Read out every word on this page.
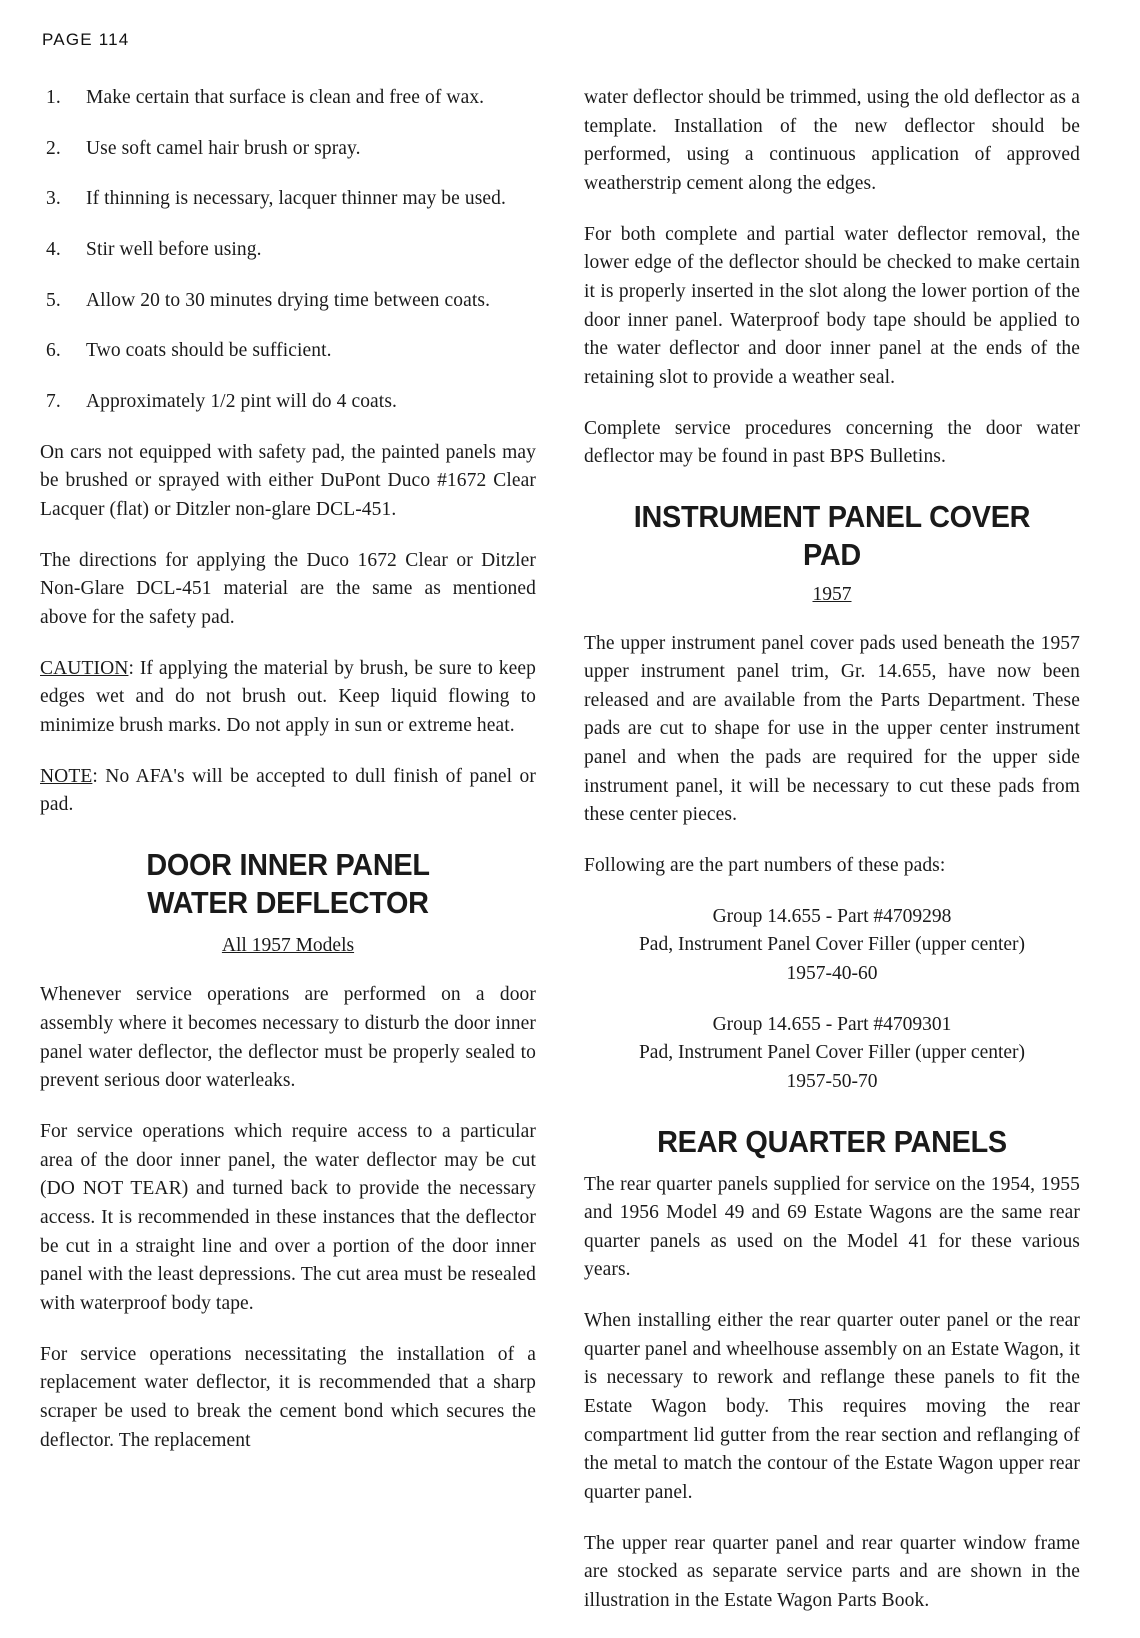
PAGE 114
1.	Make certain that surface is clean and free of wax.
2.	Use soft camel hair brush or spray.
3.	If thinning is necessary, lacquer thinner may be used.
4.	Stir well before using.
5.	Allow 20 to 30 minutes drying time between coats.
6.	Two coats should be sufficient.
7.	Approximately 1/2 pint will do 4 coats.

On cars not equipped with safety pad, the painted panels may be brushed or sprayed with either DuPont Duco #1672 Clear Lacquer (flat) or Ditzler non-glare DCL-451.

The directions for applying the Duco 1672 Clear or Ditzler Non-Glare DCL-451 material are the same as mentioned above for the safety pad.

CAUTION: If applying the material by brush, be sure to keep edges wet and do not brush out. Keep liquid flowing to minimize brush marks. Do not apply in sun or extreme heat.

NOTE: No AFA's will be accepted to dull finish of panel or pad.

DOOR INNER PANEL
WATER DEFLECTOR
All 1957 Models

Whenever service operations are performed on a door assembly where it becomes necessary to disturb the door inner panel water deflector, the deflector must be properly sealed to prevent serious door waterleaks.

For service operations which require access to a particular area of the door inner panel, the water deflector may be cut (DO NOT TEAR) and turned back to provide the necessary access. It is recommended in these instances that the deflector be cut in a straight line and over a portion of the door inner panel with the least depressions. The cut area must be resealed with waterproof body tape.

For service operations necessitating the installation of a replacement water deflector, it is recommended that a sharp scraper be used to break the cement bond which secures the deflector. The replacement

water deflector should be trimmed, using the old deflector as a template. Installation of the new deflector should be performed, using a continuous application of approved weatherstrip cement along the edges.

For both complete and partial water deflector removal, the lower edge of the deflector should be checked to make certain it is properly inserted in the slot along the lower portion of the door inner panel. Waterproof body tape should be applied to the water deflector and door inner panel at the ends of the retaining slot to provide a weather seal.

Complete service procedures concerning the door water deflector may be found in past BPS Bulletins.

INSTRUMENT PANEL COVER PAD
1957

The upper instrument panel cover pads used beneath the 1957 upper instrument panel trim, Gr. 14.655, have now been released and are available from the Parts Department. These pads are cut to shape for use in the upper center instrument panel and when the pads are required for the upper side instrument panel, it will be necessary to cut these pads from these center pieces.

Following are the part numbers of these pads:

Group 14.655 - Part #4709298
Pad, Instrument Panel Cover Filler (upper center)
1957-40-60
Group 14.655 - Part #4709301
Pad, Instrument Panel Cover Filler (upper center)
1957-50-70
REAR QUARTER PANELS

The rear quarter panels supplied for service on the 1954, 1955 and 1956 Model 49 and 69 Estate Wagons are the same rear quarter panels as used on the Model 41 for these various years.

When installing either the rear quarter outer panel or the rear quarter panel and wheelhouse assembly on an Estate Wagon, it is necessary to rework and reflange these panels to fit the Estate Wagon body. This requires moving the rear compartment lid gutter from the rear section and reflanging of the metal to match the contour of the Estate Wagon upper rear quarter panel.

The upper rear quarter panel and rear quarter window frame are stocked as separate service parts and are shown in the illustration in the Estate Wagon Parts Book.
